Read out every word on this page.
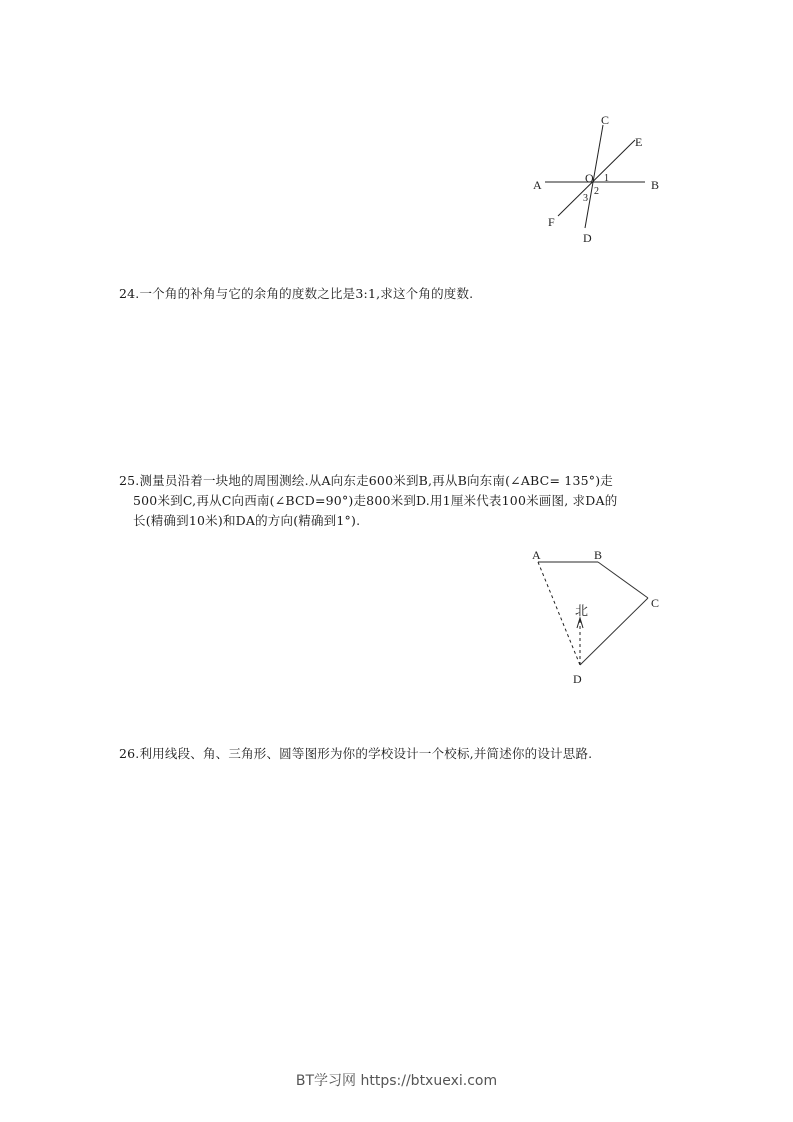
A	B
C
D
E
F
O 1
2
3
24.一个角的补角与它的余角的度数之比是3:1,求这个角的度数.
25.测量员沿着一块地的周围测绘.从A向东走600米到B,再从B向东南(∠ABC= 135°)走
500米到C,再从C向西南(∠BCD=90°)走800米到D.用1厘米代表100米画图, 求DA的
长(精确到10米)和DA的方向(精确到1°).
A	B
C
D
北
26.利用线段、角、三角形、圆等图形为你的学校设计一个校标,并简述你的设计思路.
BT学习网 https://btxuexi.com
